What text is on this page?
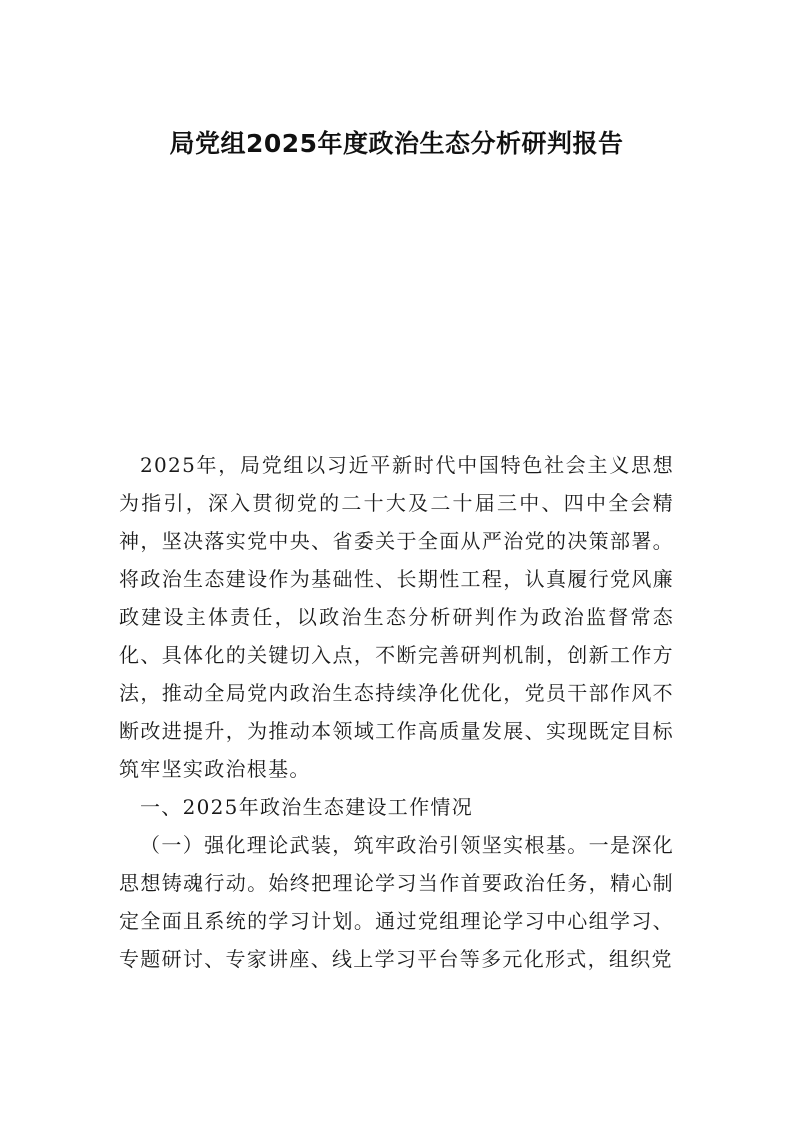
局党组2025年度政治生态分析研判报告

2025年，局党组以习近平新时代中国特色社会主义思想为指引，深入贯彻党的二十大及二十届三中、四中全会精神，坚决落实党中央、省委关于全面从严治党的决策部署。将政治生态建设作为基础性、长期性工程，认真履行党风廉政建设主体责任，以政治生态分析研判作为政治监督常态化、具体化的关键切入点，不断完善研判机制，创新工作方法，推动全局党内政治生态持续净化优化，党员干部作风不断改进提升，为推动本领域工作高质量发展、实现既定目标筑牢坚实政治根基。

一、2025年政治生态建设工作情况

（一）强化理论武装，筑牢政治引领坚实根基。一是深化思想铸魂行动。始终把理论学习当作首要政治任务，精心制定全面且系统的学习计划。通过党组理论学习中心组学习、专题研讨、专家讲座、线上学习平台等多元化形式，组织党
